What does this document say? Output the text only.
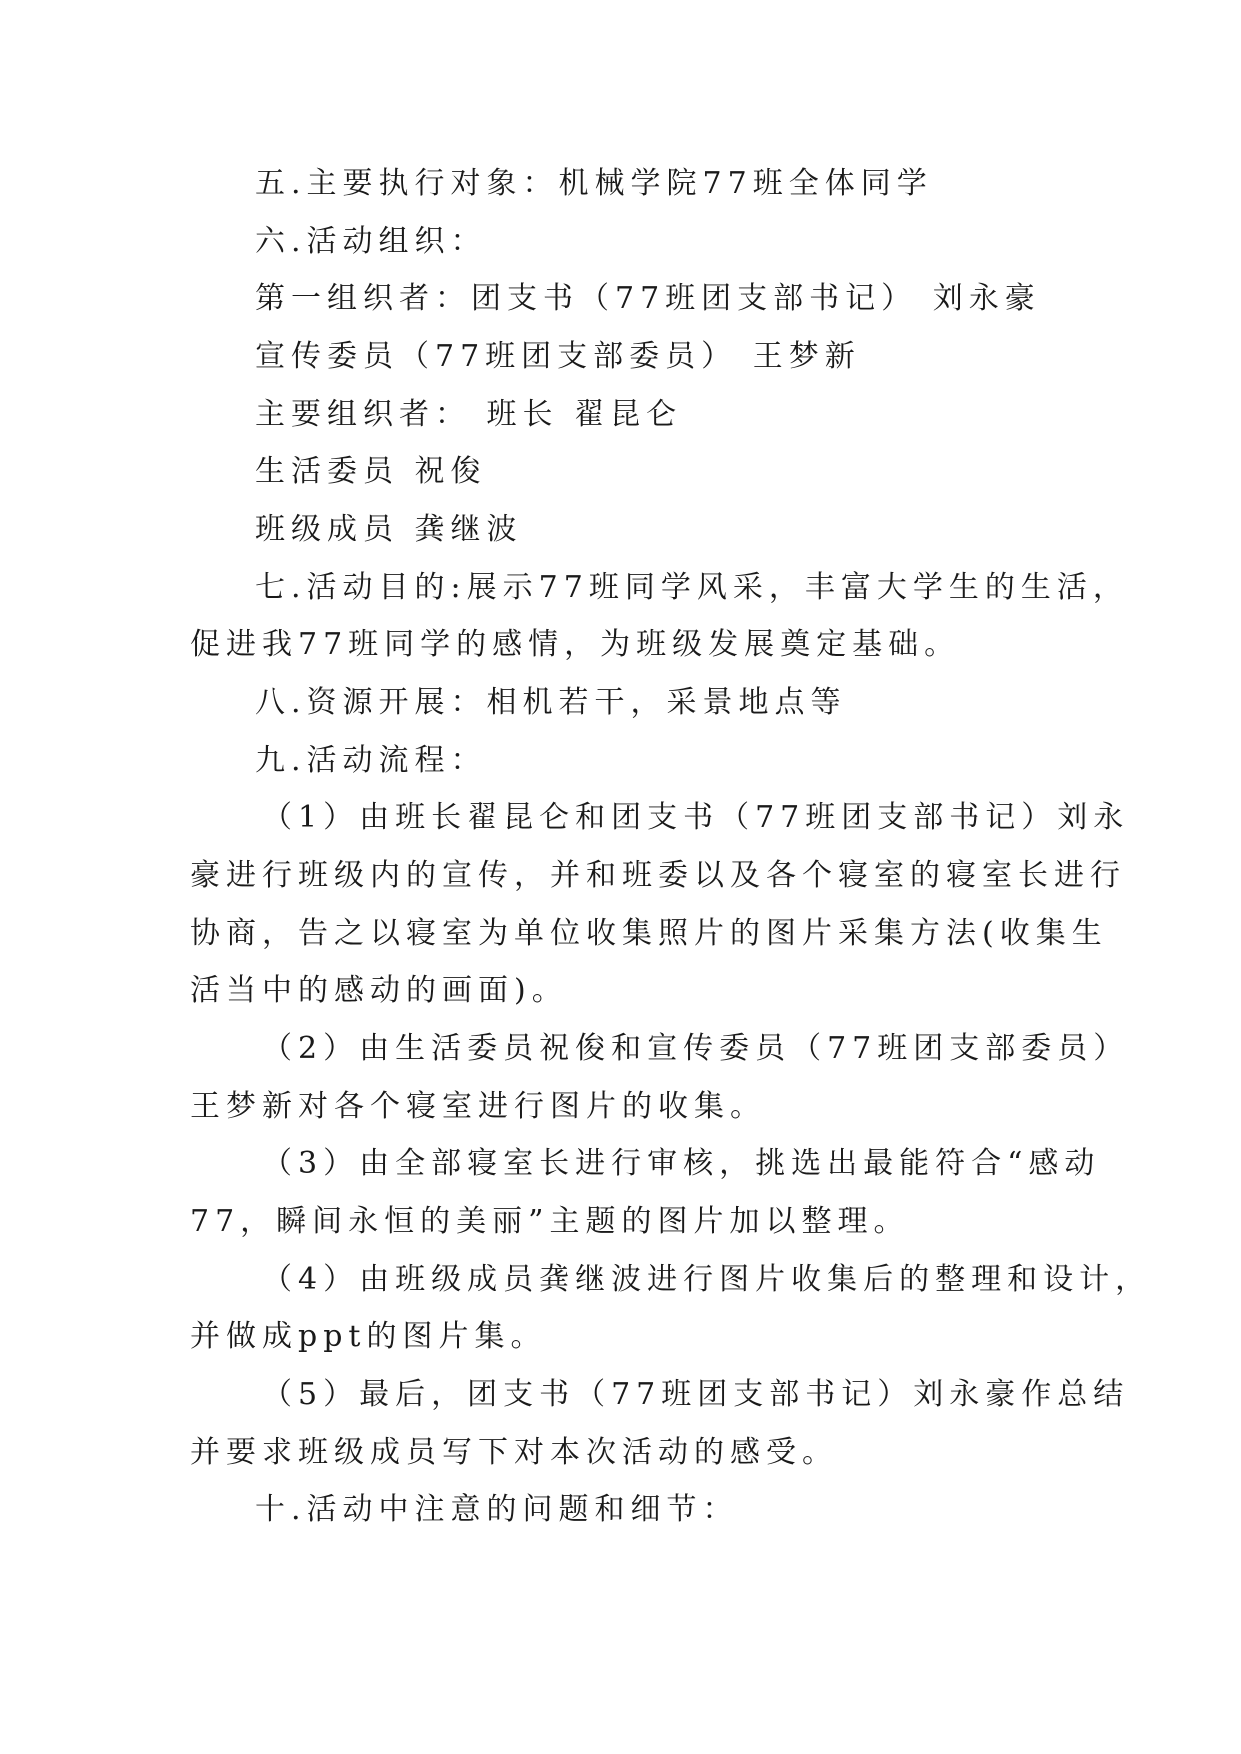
五.主要执行对象：机械学院77班全体同学
六.活动组织：
第一组织者：团支书（77班团支部书记） 刘永豪
宣传委员（77班团支部委员） 王梦新
主要组织者： 班长 翟昆仑
生活委员 祝俊
班级成员 龚继波
七.活动目的:展示77班同学风采，丰富大学生的生活，
促进我77班同学的感情，为班级发展奠定基础。
八.资源开展：相机若干，采景地点等
九.活动流程：
（1）由班长翟昆仑和团支书（77班团支部书记）刘永
豪进行班级内的宣传，并和班委以及各个寝室的寝室长进行
协商，告之以寝室为单位收集照片的图片采集方法(收集生
活当中的感动的画面)。
（2）由生活委员祝俊和宣传委员（77班团支部委员）
王梦新对各个寝室进行图片的收集。
（3）由全部寝室长进行审核，挑选出最能符合“感动
77，瞬间永恒的美丽”主题的图片加以整理。
（4）由班级成员龚继波进行图片收集后的整理和设计，
并做成ppt的图片集。
（5）最后，团支书（77班团支部书记）刘永豪作总结
并要求班级成员写下对本次活动的感受。
十.活动中注意的问题和细节：
